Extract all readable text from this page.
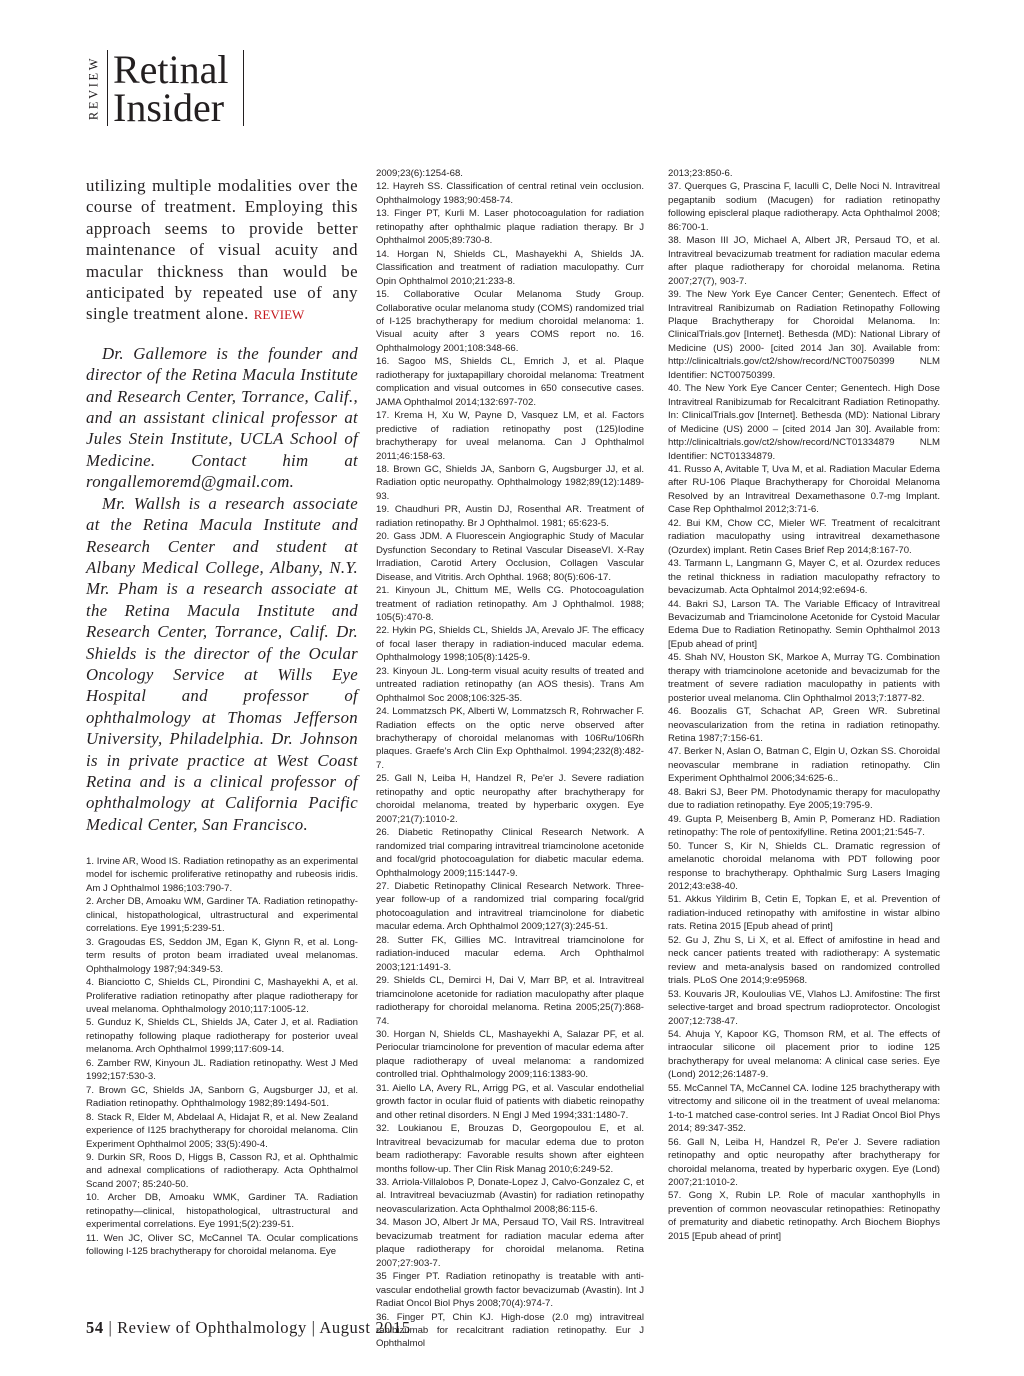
REVIEW Retinal
Insider

utilizing multiple modalities over the course of treatment. Employing this approach seems to provide better maintenance of visual acuity and macular thickness than would be anticipated by repeated use of any single treatment alone. REVIEW

Dr. Gallemore is the founder and director of the Retina Macula Institute and Research Center, Torrance, Calif., and an assistant clinical professor at Jules Stein Institute, UCLA School of Medicine. Contact him at rongallemoremd@gmail.com.
Mr. Wallsh is a research associate at the Retina Macula Institute and Research Center and student at Albany Medical College, Albany, N.Y. Mr. Pham is a research associate at the Retina Macula Institute and Research Center, Torrance, Calif. Dr. Shields is the director of the Ocular Oncology Service at Wills Eye Hospital and professor of ophthalmology at Thomas Jefferson University, Philadelphia. Dr. Johnson is in private practice at West Coast Retina and is a clinical professor of ophthalmology at California Pacific Medical Center, San Francisco.

1. Irvine AR, Wood IS. Radiation retinopathy as an experimental model for ischemic proliferative retinopathy and rubeosis iridis. Am J Ophthalmol 1986;103:790-7.

2. Archer DB, Amoaku WM, Gardiner TA. Radiation retinopathy-clinical, histopathological, ultrastructural and experimental correlations. Eye 1991;5:239-51.

3. Gragoudas ES, Seddon JM, Egan K, Glynn R, et al. Long-term results of proton beam irradiated uveal melanomas. Ophthalmology 1987;94:349-53.

4. Bianciotto C, Shields CL, Pirondini C, Mashayekhi A, et al. Proliferative radiation retinopathy after plaque radiotherapy for uveal melanoma. Ophthalmology 2010;117:1005-12.

5. Gunduz K, Shields CL, Shields JA, Cater J, et al. Radiation retinopathy following plaque radiotherapy for posterior uveal melanoma. Arch Ophthalmol 1999;117:609-14.

6. Zamber RW, Kinyoun JL. Radiation retinopathy. West J Med 1992;157:530-3.

7. Brown GC, Shields JA, Sanborn G, Augsburger JJ, et al. Radiation retinopathy. Ophthalmology 1982;89:1494-501.

8. Stack R, Elder M, Abdelaal A, Hidajat R, et al. New Zealand experience of I125 brachytherapy for choroidal melanoma. Clin Experiment Ophthalmol 2005; 33(5):490-4.

9. Durkin SR, Roos D, Higgs B, Casson RJ, et al. Ophthalmic and adnexal complications of radiotherapy. Acta Ophthalmol Scand 2007; 85:240-50.

10. Archer DB, Amoaku WMK, Gardiner TA. Radiation retinopathy—clinical, histopathological, ultrastructural and experimental correlations. Eye 1991;5(2):239-51.

11. Wen JC, Oliver SC, McCannel TA. Ocular complications following I-125 brachytherapy for choroidal melanoma. Eye

2009;23(6):1254-68.

12. Hayreh SS. Classification of central retinal vein occlusion. Ophthalmology 1983;90:458-74.

13. Finger PT, Kurli M. Laser photocoagulation for radiation retinopathy after ophthalmic plaque radiation therapy. Br J Ophthalmol 2005;89:730-8.

14. Horgan N, Shields CL, Mashayekhi A, Shields JA. Classification and treatment of radiation maculopathy. Curr Opin Ophthalmol 2010;21:233-8.

15. Collaborative Ocular Melanoma Study Group. Collaborative ocular melanoma study (COMS) randomized trial of I-125 brachytherapy for medium choroidal melanoma: 1. Visual acuity after 3 years COMS report no. 16. Ophthalmology 2001;108:348-66.

16. Sagoo MS, Shields CL, Emrich J, et al. Plaque radiotherapy for juxtapapillary choroidal melanoma: Treatment complication and visual outcomes in 650 consecutive cases. JAMA Ophthalmol 2014;132:697-702.

17. Krema H, Xu W, Payne D, Vasquez LM, et al. Factors predictive of radiation retinopathy post (125)Iodine brachytherapy for uveal melanoma. Can J Ophthalmol 2011;46:158-63.

18. Brown GC, Shields JA, Sanborn G, Augsburger JJ, et al. Radiation optic neuropathy. Ophthalmology 1982;89(12):1489-93.

19. Chaudhuri PR, Austin DJ, Rosenthal AR. Treatment of radiation retinopathy. Br J Ophthalmol. 1981; 65:623-5.

20. Gass JDM. A Fluorescein Angiographic Study of Macular Dysfunction Secondary to Retinal Vascular DiseaseVI. X-Ray Irradiation, Carotid Artery Occlusion, Collagen Vascular Disease, and Vitritis. Arch Ophthal. 1968; 80(5):606-17.

21. Kinyoun JL, Chittum ME, Wells CG. Photocoagulation treatment of radiation retinopathy. Am J Ophthalmol. 1988; 105(5):470-8.

22. Hykin PG, Shields CL, Shields JA, Arevalo JF. The efficacy of focal laser therapy in radiation-induced macular edema. Ophthalmology 1998;105(8):1425-9.

23. Kinyoun JL. Long-term visual acuity results of treated and untreated radiation retinopathy (an AOS thesis). Trans Am Ophthalmol Soc 2008;106:325-35.

24. Lommatzsch PK, Alberti W, Lommatzsch R, Rohrwacher F. Radiation effects on the optic nerve observed after brachytherapy of choroidal melanomas with 106Ru/106Rh plaques. Graefe's Arch Clin Exp Ophthalmol. 1994;232(8):482-7.

25. Gall N, Leiba H, Handzel R, Pe'er J. Severe radiation retinopathy and optic neuropathy after brachytherapy for choroidal melanoma, treated by hyperbaric oxygen. Eye 2007;21(7):1010-2.

26. Diabetic Retinopathy Clinical Research Network. A randomized trial comparing intravitreal triamcinolone acetonide and focal/grid photocoagulation for diabetic macular edema. Ophthalmology 2009;115:1447-9.

27. Diabetic Retinopathy Clinical Research Network. Three-year follow-up of a randomized trial comparing focal/grid photocoagulation and intravitreal triamcinolone for diabetic macular edema. Arch Ophthalmol 2009;127(3):245-51.

28. Sutter FK, Gillies MC. Intravitreal triamcinolone for radiation-induced macular edema. Arch Ophthalmol 2003;121:1491-3.

29. Shields CL, Demirci H, Dai V, Marr BP, et al. Intravitreal triamcinolone acetonide for radiation maculopathy after plaque radiotherapy for choroidal melanoma. Retina 2005;25(7):868-74.

30. Horgan N, Shields CL, Mashayekhi A, Salazar PF, et al. Periocular triamcinolone for prevention of macular edema after plaque radiotherapy of uveal melanoma: a randomized controlled trial. Ophthalmology 2009;116:1383-90.

31. Aiello LA, Avery RL, Arrigg PG, et al. Vascular endothelial growth factor in ocular fluid of patients with diabetic reinopathy and other retinal disorders. N Engl J Med 1994;331:1480-7.

32. Loukianou E, Brouzas D, Georgopoulou E, et al. Intravitreal bevacizumab for macular edema due to proton beam radiotherapy: Favorable results shown after eighteen months follow-up. Ther Clin Risk Manag 2010;6:249-52.

33. Arriola-Villalobos P, Donate-Lopez J, Calvo-Gonzalez C, et al. Intravitreal bevaciuzmab (Avastin) for radiation retinopathy neovascularization. Acta Ophthalmol 2008;86:115-6.

34. Mason JO, Albert Jr MA, Persaud TO, Vail RS. Intravitreal bevacizumab treatment for radiation macular edema after plaque radiotherapy for choroidal melanoma. Retina 2007;27:903-7.

35 Finger PT. Radiation retinopathy is treatable with anti-vascular endothelial growth factor bevacizumab (Avastin). Int J Radiat Oncol Biol Phys 2008;70(4):974-7.

36. Finger PT, Chin KJ. High-dose (2.0 mg) intravitreal ranibizumab for recalcitrant radiation retinopathy. Eur J Ophthalmol

2013;23:850-6.

37. Querques G, Prascina F, Iaculli C, Delle Noci N. Intravitreal pegaptanib sodium (Macugen) for radiation retinopathy following episcleral plaque radiotherapy. Acta Ophthalmol 2008; 86:700-1.

38. Mason III JO, Michael A, Albert JR, Persaud TO, et al. Intravitreal bevacizumab treatment for radiation macular edema after plaque radiotherapy for choroidal melanoma. Retina 2007;27(7), 903-7.

39. The New York Eye Cancer Center; Genentech. Effect of Intravitreal Ranibizumab on Radiation Retinopathy Following Plaque Brachytherapy for Choroidal Melanoma. In: ClinicalTrials.gov [Internet]. Bethesda (MD): National Library of Medicine (US) 2000- [cited 2014 Jan 30]. Available from: http://clinicaltrials.gov/ct2/show/record/NCT00750399 NLM Identifier: NCT00750399.

40. The New York Eye Cancer Center; Genentech. High Dose Intravitreal Ranibizumab for Recalcitrant Radiation Retinopathy. In: ClinicalTrials.gov [Internet]. Bethesda (MD): National Library of Medicine (US) 2000 – [cited 2014 Jan 30]. Available from: http://clinicaltrials.gov/ct2/show/record/NCT01334879 NLM Identifier: NCT01334879.

41. Russo A, Avitable T, Uva M, et al. Radiation Macular Edema after RU-106 Plaque Brachytherapy for Choroidal Melanoma Resolved by an Intravitreal Dexamethasone 0.7-mg Implant. Case Rep Ophthalmol 2012;3:71-6.

42. Bui KM, Chow CC, Mieler WF. Treatment of recalcitrant radiation maculopathy using intravitreal dexamethasone (Ozurdex) implant. Retin Cases Brief Rep 2014;8:167-70.

43. Tarmann L, Langmann G, Mayer C, et al. Ozurdex reduces the retinal thickness in radiation maculopathy refractory to bevacizumab. Acta Ophtalmol 2014;92:e694-6.

44. Bakri SJ, Larson TA. The Variable Efficacy of Intravitreal Bevacizumab and Triamcinolone Acetonide for Cystoid Macular Edema Due to Radiation Retinopathy. Semin Ophthalmol 2013 [Epub ahead of print]

45. Shah NV, Houston SK, Markoe A, Murray TG. Combination therapy with triamcinolone acetonide and bevacizumab for the treatment of severe radiation maculopathy in patients with posterior uveal melanoma. Clin Ophthalmol 2013;7:1877-82.

46. Boozalis GT, Schachat AP, Green WR. Subretinal neovascularization from the retina in radiation retinopathy. Retina 1987;7:156-61.

47. Berker N, Aslan O, Batman C, Elgin U, Ozkan SS. Choroidal neovascular membrane in radiation retinopathy. Clin Experiment Ophthalmol 2006;34:625-6..

48. Bakri SJ, Beer PM. Photodynamic therapy for maculopathy due to radiation retinopathy. Eye 2005;19:795-9.

49. Gupta P, Meisenberg B, Amin P, Pomeranz HD. Radiation retinopathy: The role of pentoxifylline. Retina 2001;21:545-7.

50. Tuncer S, Kir N, Shields CL. Dramatic regression of amelanotic choroidal melanoma with PDT following poor response to brachytherapy. Ophthalmic Surg Lasers Imaging 2012;43:e38-40.

51. Akkus Yildirim B, Cetin E, Topkan E, et al. Prevention of radiation-induced retinopathy with amifostine in wistar albino rats. Retina 2015 [Epub ahead of print]

52. Gu J, Zhu S, Li X, et al. Effect of amifostine in head and neck cancer patients treated with radiotherapy: A systematic review and meta-analysis based on randomized controlled trials. PLoS One 2014;9:e95968.

53. Kouvaris JR, Kouloulias VE, Vlahos LJ. Amifostine: The first selective-target and broad spectrum radioprotector. Oncologist 2007;12:738-47.

54. Ahuja Y, Kapoor KG, Thomson RM, et al. The effects of intraocular silicone oil placement prior to iodine 125 brachytherapy for uveal melanoma: A clinical case series. Eye (Lond) 2012;26:1487-9.

55. McCannel TA, McCannel CA. Iodine 125 brachytherapy with vitrectomy and silicone oil in the treatment of uveal melanoma: 1-to-1 matched case-control series. Int J Radiat Oncol Biol Phys 2014; 89:347-352.

56. Gall N, Leiba H, Handzel R, Pe'er J. Severe radiation retinopathy and optic neuropathy after brachytherapy for choroidal melanoma, treated by hyperbaric oxygen. Eye (Lond) 2007;21:1010-2.

57. Gong X, Rubin LP. Role of macular xanthophylls in prevention of common neovascular retinopathies: Retinopathy of prematurity and diabetic retinopathy. Arch Biochem Biophys 2015 [Epub ahead of print]

54 | Review of Ophthalmology | August 2015
